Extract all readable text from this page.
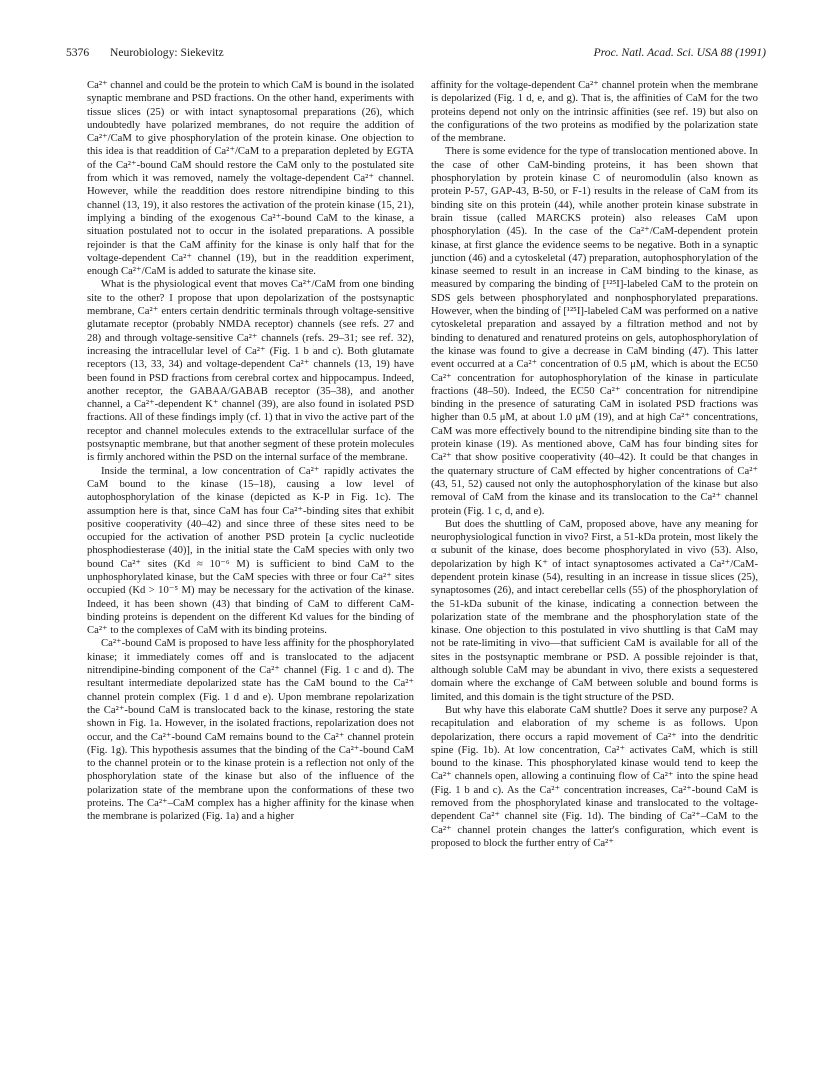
5376 Neurobiology: Siekevitz	Proc. Natl. Acad. Sci. USA 88 (1991)

Ca²⁺ channel and could be the protein to which CaM is bound in the isolated synaptic membrane and PSD fractions. On the other hand, experiments with tissue slices (25) or with intact synaptosomal preparations (26), which undoubtedly have polarized membranes, do not require the addition of Ca²⁺/CaM to give phosphorylation of the protein kinase. One objection to this idea is that readdition of Ca²⁺/CaM to a preparation depleted by EGTA of the Ca²⁺-bound CaM should restore the CaM only to the postulated site from which it was removed, namely the voltage-dependent Ca²⁺ channel. However, while the readdition does restore nitrendipine binding to this channel (13, 19), it also restores the activation of the protein kinase (15, 21), implying a binding of the exogenous Ca²⁺-bound CaM to the kinase, a situation postulated not to occur in the isolated preparations. A possible rejoinder is that the CaM affinity for the kinase is only half that for the voltage-dependent Ca²⁺ channel (19), but in the readdition experiment, enough Ca²⁺/CaM is added to saturate the kinase site.

What is the physiological event that moves Ca²⁺/CaM from one binding site to the other? I propose that upon depolarization of the postsynaptic membrane, Ca²⁺ enters certain dendritic terminals through voltage-sensitive glutamate receptor (probably NMDA receptor) channels (see refs. 27 and 28) and through voltage-sensitive Ca²⁺ channels (refs. 29–31; see ref. 32), increasing the intracellular level of Ca²⁺ (Fig. 1 b and c). Both glutamate receptors (13, 33, 34) and voltage-dependent Ca²⁺ channels (13, 19) have been found in PSD fractions from cerebral cortex and hippocampus. Indeed, another receptor, the GABAA/GABAB receptor (35–38), and another channel, a Ca²⁺-dependent K⁺ channel (39), are also found in isolated PSD fractions. All of these findings imply (cf. 1) that in vivo the active part of the receptor and channel molecules extends to the extracellular surface of the postsynaptic membrane, but that another segment of these protein molecules is firmly anchored within the PSD on the internal surface of the membrane.

Inside the terminal, a low concentration of Ca²⁺ rapidly activates the CaM bound to the kinase (15–18), causing a low level of autophosphorylation of the kinase (depicted as K-P in Fig. 1c). The assumption here is that, since CaM has four Ca²⁺-binding sites that exhibit positive cooperativity (40–42) and since three of these sites need to be occupied for the activation of another PSD protein [a cyclic nucleotide phosphodiesterase (40)], in the initial state the CaM species with only two bound Ca²⁺ sites (Kd ≈ 10⁻⁶ M) is sufficient to bind CaM to the unphosphorylated kinase, but the CaM species with three or four Ca²⁺ sites occupied (Kd > 10⁻⁵ M) may be necessary for the activation of the kinase. Indeed, it has been shown (43) that binding of CaM to different CaM-binding proteins is dependent on the different Kd values for the binding of Ca²⁺ to the complexes of CaM with its binding proteins.

Ca²⁺-bound CaM is proposed to have less affinity for the phosphorylated kinase; it immediately comes off and is translocated to the adjacent nitrendipine-binding component of the Ca²⁺ channel (Fig. 1 c and d). The resultant intermediate depolarized state has the CaM bound to the Ca²⁺ channel protein complex (Fig. 1 d and e). Upon membrane repolarization the Ca²⁺-bound CaM is translocated back to the kinase, restoring the state shown in Fig. 1a. However, in the isolated fractions, repolarization does not occur, and the Ca²⁺-bound CaM remains bound to the Ca²⁺ channel protein (Fig. 1g). This hypothesis assumes that the binding of the Ca²⁺-bound CaM to the channel protein or to the kinase protein is a reflection not only of the phosphorylation state of the kinase but also of the influence of the polarization state of the membrane upon the conformations of these two proteins. The Ca²⁺–CaM complex has a higher affinity for the kinase when the membrane is polarized (Fig. 1a) and a higher

affinity for the voltage-dependent Ca²⁺ channel protein when the membrane is depolarized (Fig. 1 d, e, and g). That is, the affinities of CaM for the two proteins depend not only on the intrinsic affinities (see ref. 19) but also on the configurations of the two proteins as modified by the polarization state of the membrane.

There is some evidence for the type of translocation mentioned above. In the case of other CaM-binding proteins, it has been shown that phosphorylation by protein kinase C of neuromodulin (also known as protein P-57, GAP-43, B-50, or F-1) results in the release of CaM from its binding site on this protein (44), while another protein kinase substrate in brain tissue (called MARCKS protein) also releases CaM upon phosphorylation (45). In the case of the Ca²⁺/CaM-dependent protein kinase, at first glance the evidence seems to be negative. Both in a synaptic junction (46) and a cytoskeletal (47) preparation, autophosphorylation of the kinase seemed to result in an increase in CaM binding to the kinase, as measured by comparing the binding of [¹²⁵I]-labeled CaM to the protein on SDS gels between phosphorylated and nonphosphorylated preparations. However, when the binding of [¹²⁵I]-labeled CaM was performed on a native cytoskeletal preparation and assayed by a filtration method and not by binding to denatured and renatured proteins on gels, autophosphorylation of the kinase was found to give a decrease in CaM binding (47). This latter event occurred at a Ca²⁺ concentration of 0.5 μM, which is about the EC50 Ca²⁺ concentration for autophosphorylation of the kinase in particulate fractions (48–50). Indeed, the EC50 Ca²⁺ concentration for nitrendipine binding in the presence of saturating CaM in isolated PSD fractions was higher than 0.5 μM, at about 1.0 μM (19), and at high Ca²⁺ concentrations, CaM was more effectively bound to the nitrendipine binding site than to the protein kinase (19). As mentioned above, CaM has four binding sites for Ca²⁺ that show positive cooperativity (40–42). It could be that changes in the quaternary structure of CaM effected by higher concentrations of Ca²⁺ (43, 51, 52) caused not only the autophosphorylation of the kinase but also removal of CaM from the kinase and its translocation to the Ca²⁺ channel protein (Fig. 1 c, d, and e).

But does the shuttling of CaM, proposed above, have any meaning for neurophysiological function in vivo? First, a 51-kDa protein, most likely the α subunit of the kinase, does become phosphorylated in vivo (53). Also, depolarization by high K⁺ of intact synaptosomes activated a Ca²⁺/CaM-dependent protein kinase (54), resulting in an increase in tissue slices (25), synaptosomes (26), and intact cerebellar cells (55) of the phosphorylation of the 51-kDa subunit of the kinase, indicating a connection between the polarization state of the membrane and the phosphorylation state of the kinase. One objection to this postulated in vivo shuttling is that CaM may not be rate-limiting in vivo—that sufficient CaM is available for all of the sites in the postsynaptic membrane or PSD. A possible rejoinder is that, although soluble CaM may be abundant in vivo, there exists a sequestered domain where the exchange of CaM between soluble and bound forms is limited, and this domain is the tight structure of the PSD.

But why have this elaborate CaM shuttle? Does it serve any purpose? A recapitulation and elaboration of my scheme is as follows. Upon depolarization, there occurs a rapid movement of Ca²⁺ into the dendritic spine (Fig. 1b). At low concentration, Ca²⁺ activates CaM, which is still bound to the kinase. This phosphorylated kinase would tend to keep the Ca²⁺ channels open, allowing a continuing flow of Ca²⁺ into the spine head (Fig. 1 b and c). As the Ca²⁺ concentration increases, Ca²⁺-bound CaM is removed from the phosphorylated kinase and translocated to the voltage-dependent Ca²⁺ channel site (Fig. 1d). The binding of Ca²⁺–CaM to the Ca²⁺ channel protein changes the latter's configuration, which event is proposed to block the further entry of Ca²⁺
